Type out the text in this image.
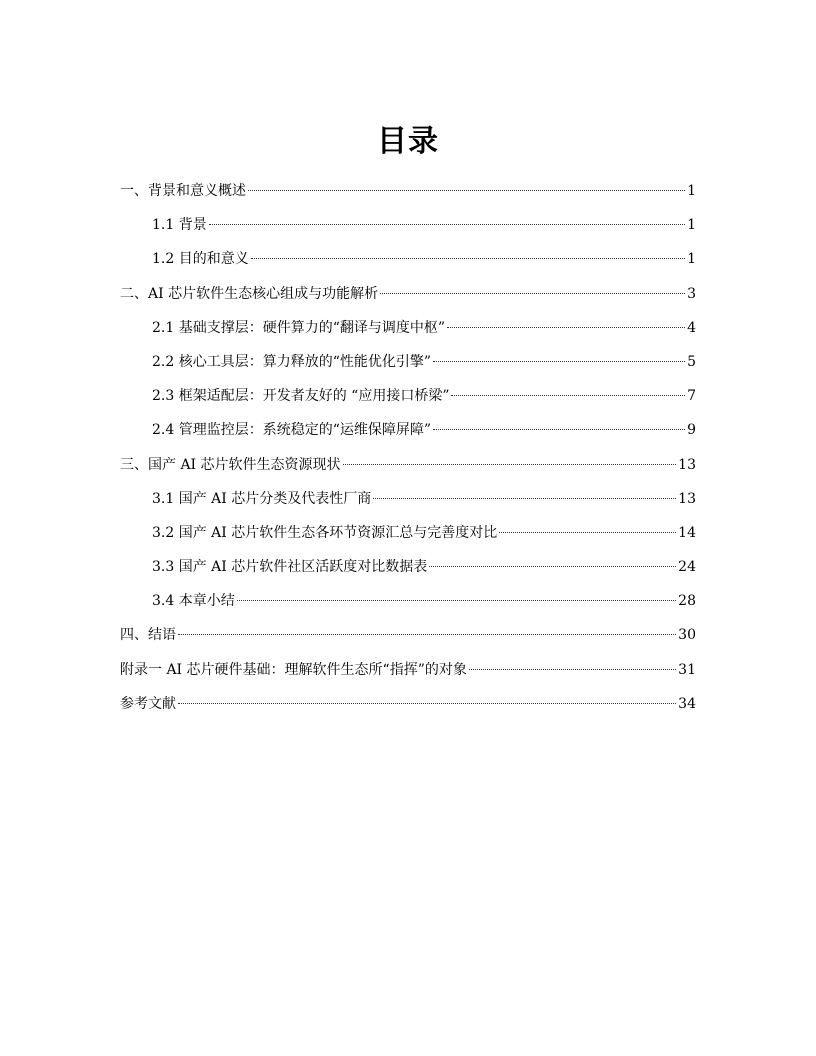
目录
一、背景和意义概述	1
1.1 背景	1
1.2 目的和意义	1
二、AI 芯片软件生态核心组成与功能解析	3
2.1 基础支撑层：硬件算力的“翻译与调度中枢”	4
2.2 核心工具层：算力释放的“性能优化引擎”	5
2.3 框架适配层：开发者友好的 “应用接口桥梁”	7
2.4 管理监控层：系统稳定的“运维保障屏障”	9
三、国产 AI 芯片软件生态资源现状	13
3.1 国产 AI 芯片分类及代表性厂商	13
3.2 国产 AI 芯片软件生态各环节资源汇总与完善度对比	14
3.3 国产 AI 芯片软件社区活跃度对比数据表	24
3.4 本章小结	28
四、结语	30
附录一 AI 芯片硬件基础：理解软件生态所“指挥”的对象	31
参考文献	34
